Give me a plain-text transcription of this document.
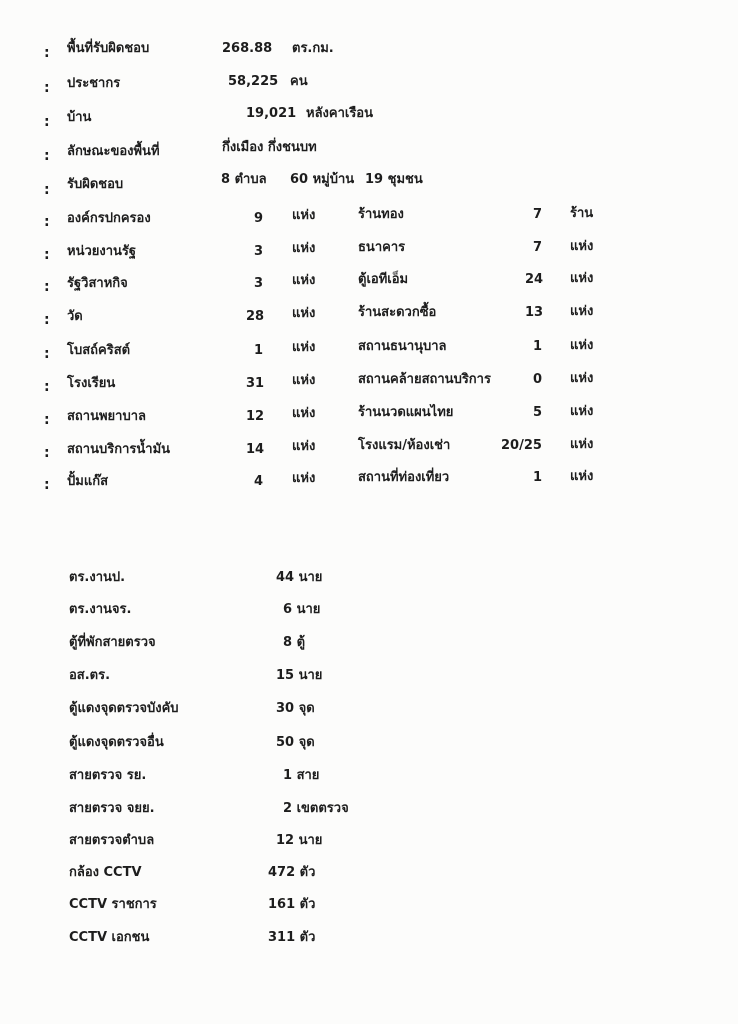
: พื้นที่รับผิดชอบ	268.88 ตร.กม.
: ประชากร	58,225 คน
: บ้าน	19,021 หลังคาเรือน
: ลักษณะของพื้นที่	กึ่งเมือง กึ่งชนบท
: รับผิดชอบ	8 ตำบล 60 หมู่บ้าน 19 ชุมชน
: องค์กรปกครอง	9 แห่ง	ร้านทอง	7 ร้าน
: หน่วยงานรัฐ	3 แห่ง	ธนาคาร	7 แห่ง
: รัฐวิสาหกิจ	3 แห่ง	ตู้เอทีเอ็ม	24 แห่ง
: วัด	28 แห่ง	ร้านสะดวกซื้อ	13 แห่ง
: โบสถ์คริสต์	1 แห่ง	สถานธนานุบาล	1 แห่ง
: โรงเรียน	31 แห่ง	สถานคล้ายสถานบริการ	0 แห่ง
: สถานพยาบาล	12 แห่ง	ร้านนวดแผนไทย	5 แห่ง
: สถานบริการน้ำมัน	14 แห่ง	โรงแรม/ห้องเช่า	20/25 แห่ง
: ปั้มแก๊ส	4 แห่ง	สถานที่ท่องเที่ยว	1 แห่ง
ตร.งานป.	44 นาย
ตร.งานจร.	6 นาย
ตู้ที่พักสายตรวจ	8 ตู้
อส.ตร.	15 นาย
ตู้แดงจุดตรวจบังคับ	30 จุด
ตู้แดงจุดตรวจอื่น	50 จุด
สายตรวจ รย.	1 สาย
สายตรวจ จยย.	2 เขตตรวจ
สายตรวจตำบล	12 นาย
กล้อง CCTV	472 ตัว
CCTV ราชการ	161 ตัว
CCTV เอกชน	311 ตัว
